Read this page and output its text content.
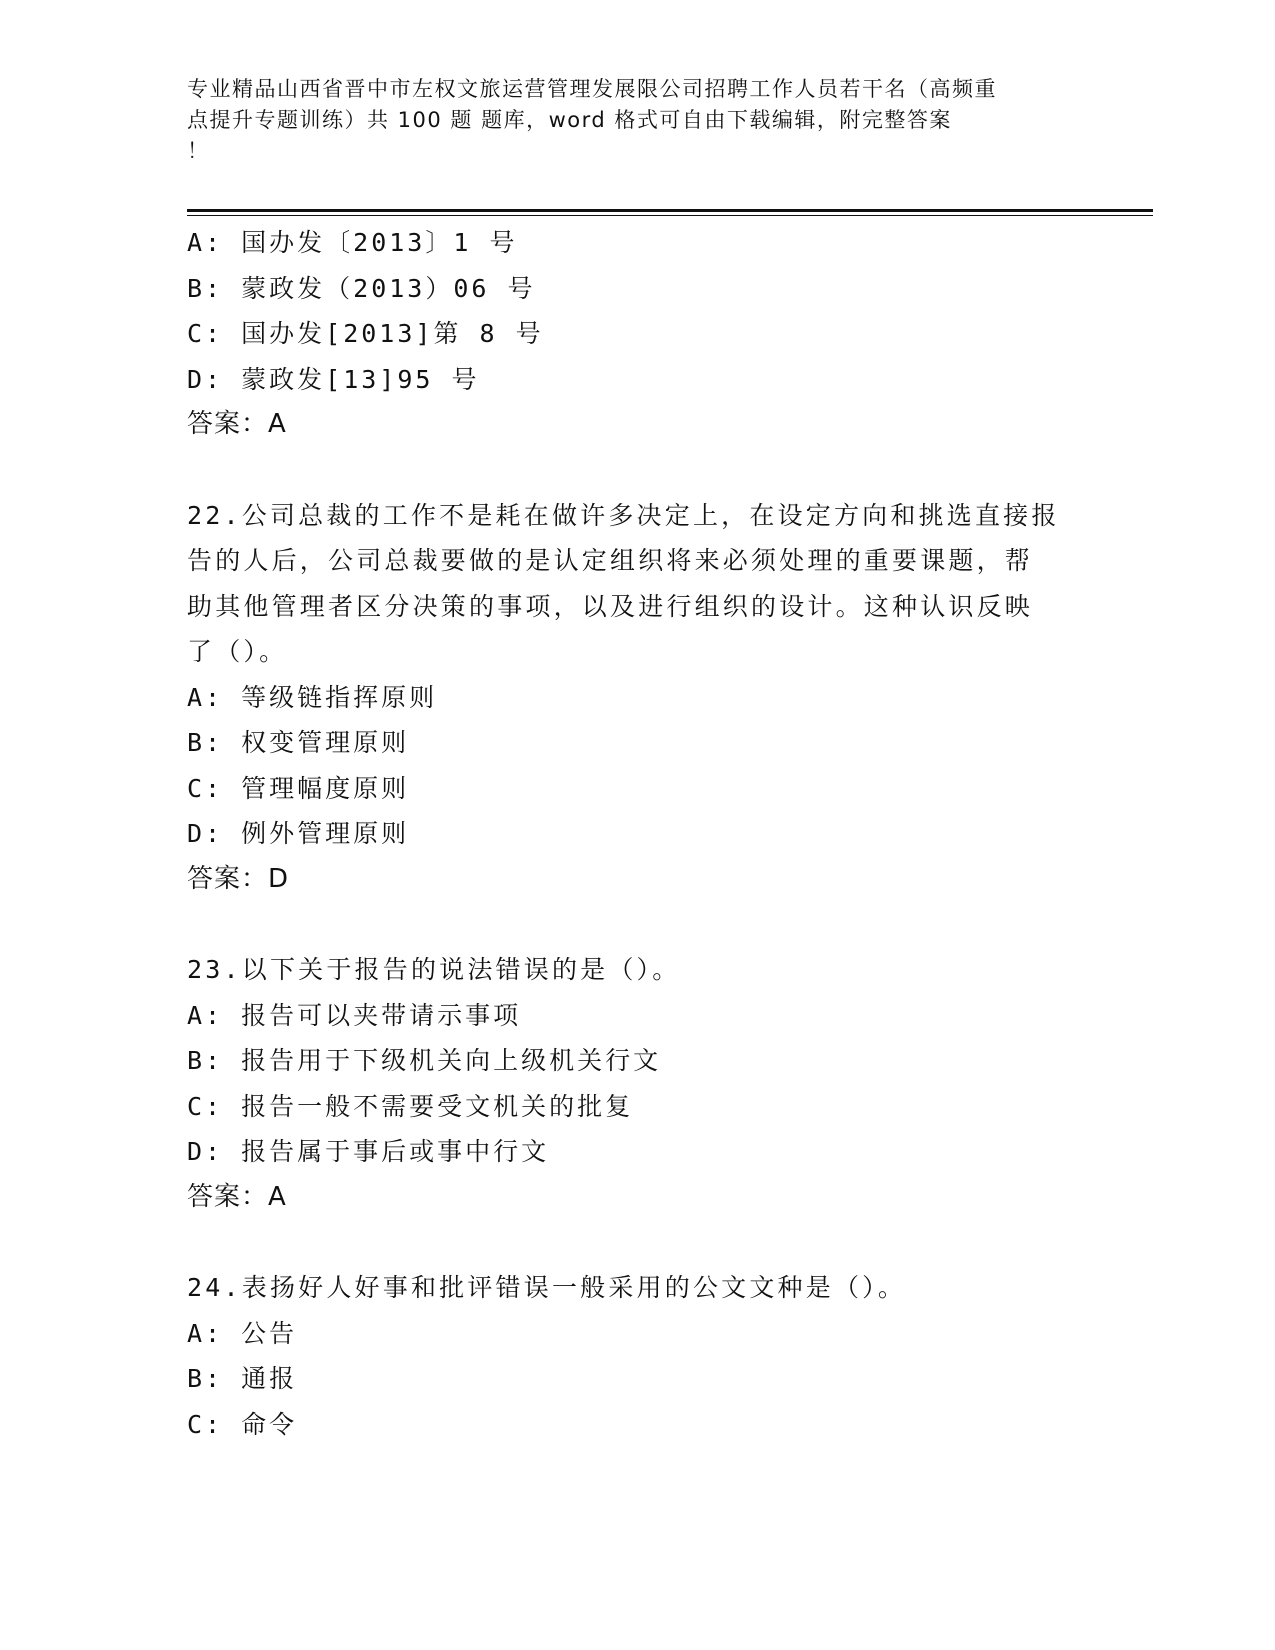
专业精品山西省晋中市左权文旅运营管理发展限公司招聘工作人员若干名（高频重
点提升专题训练）共 100 题 题库，word 格式可自由下载编辑，附完整答案
！
A: 国办发〔2013〕1 号
B: 蒙政发（2013）06 号
C: 国办发[2013]第 8 号
D: 蒙政发[13]95 号
答案：A
22.公司总裁的工作不是耗在做许多决定上，在设定方向和挑选直接报
告的人后，公司总裁要做的是认定组织将来必须处理的重要课题，帮
助其他管理者区分决策的事项，以及进行组织的设计。这种认识反映
了（）。
A: 等级链指挥原则
B: 权变管理原则
C: 管理幅度原则
D: 例外管理原则
答案：D
23.以下关于报告的说法错误的是（）。
A: 报告可以夹带请示事项
B: 报告用于下级机关向上级机关行文
C: 报告一般不需要受文机关的批复
D: 报告属于事后或事中行文
答案：A
24.表扬好人好事和批评错误一般采用的公文文种是（）。
A: 公告
B: 通报
C: 命令
